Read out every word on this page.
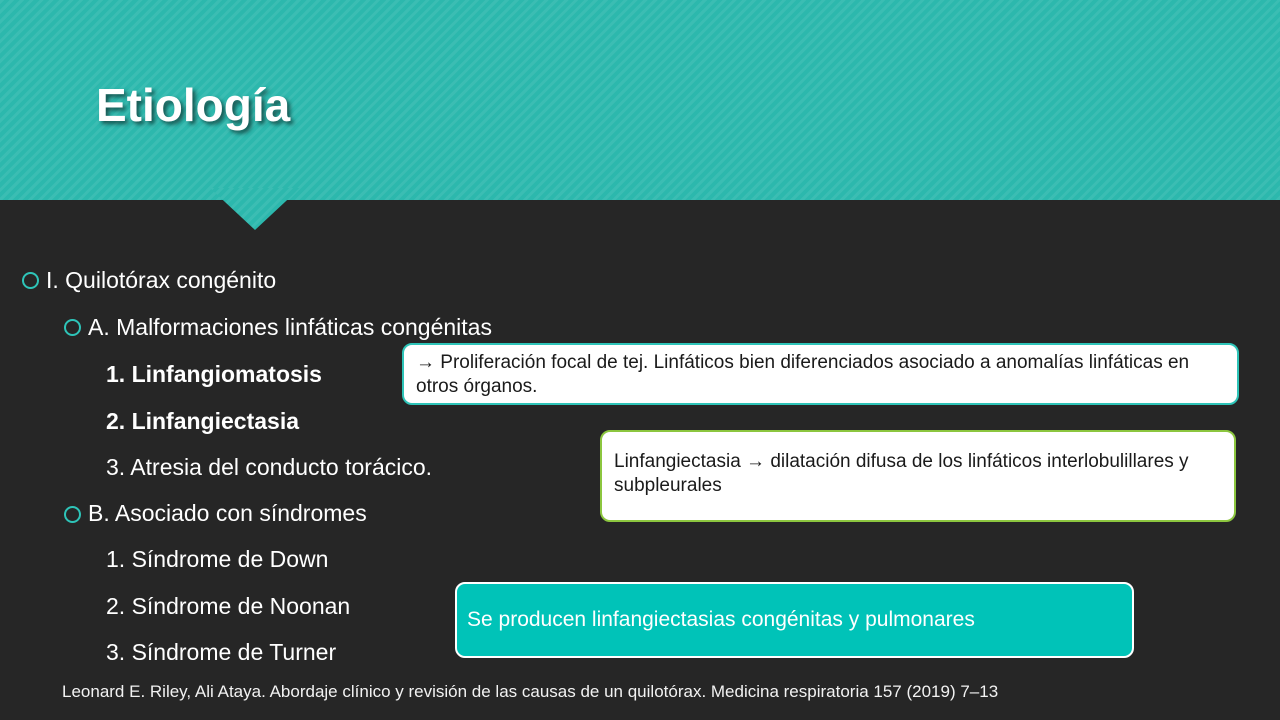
Etiología
I. Quilotórax congénito
A. Malformaciones linfáticas congénitas
1. Linfangiomatosis
2. Linfangiectasia
3. Atresia del conducto torácico.
B. Asociado con síndromes
1. Síndrome de Down
2. Síndrome de Noonan
3. Síndrome de Turner
→ Proliferación focal de tej. Linfáticos bien diferenciados asociado a anomalías linfáticas en otros órganos.
Linfangiectasia → dilatación difusa de los linfáticos interlobulillares y subpleurales
Se producen linfangiectasias congénitas y pulmonares
Leonard E. Riley, Ali Ataya. Abordaje clínico y revisión de las causas de un quilotórax. Medicina respiratoria 157 (2019) 7–13
